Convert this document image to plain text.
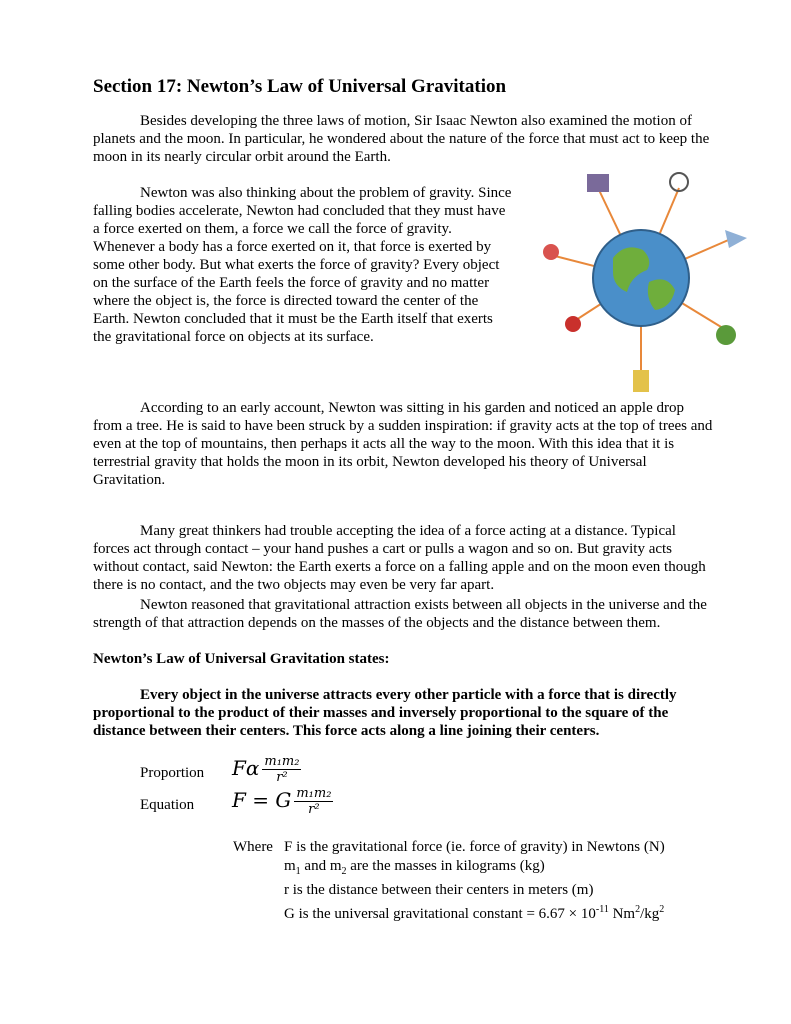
Section 17: Newton’s Law of Universal Gravitation

Besides developing the three laws of motion, Sir Isaac Newton also examined the motion of planets and the moon. In particular, he wondered about the nature of the force that must act to keep the moon in its nearly circular orbit around the Earth.

Newton was also thinking about the problem of gravity. Since falling bodies accelerate, Newton had concluded that they must have a force exerted on them, a force we call the force of gravity. Whenever a body has a force exerted on it, that force is exerted by some other body. But what exerts the force of gravity? Every object on the surface of the Earth feels the force of gravity and no matter where the object is, the force is directed toward the center of the Earth. Newton concluded that it must be the Earth itself that exerts the gravitational force on objects at its surface.

According to an early account, Newton was sitting in his garden and noticed an apple drop from a tree. He is said to have been struck by a sudden inspiration: if gravity acts at the top of trees and even at the top of mountains, then perhaps it acts all the way to the moon. With this idea that it is terrestrial gravity that holds the moon in its orbit, Newton developed his theory of Universal Gravitation.

Many great thinkers had trouble accepting the idea of a force acting at a distance. Typical forces act through contact – your hand pushes a cart or pulls a wagon and so on. But gravity acts without contact, said Newton: the Earth exerts a force on a falling apple and on the moon even though there is no contact, and the two objects may even be very far apart.

Newton reasoned that gravitational attraction exists between all objects in the universe and the strength of that attraction depends on the masses of the objects and the distance between them.

Newton’s Law of Universal Gravitation states:

Every object in the universe attracts every other particle with a force that is directly proportional to the product of their masses and inversely proportional to the square of the distance between their centers. This force acts along a line joining their centers.

Proportion Fα $\frac{\text{m₁m₂}}{\text{r²}}$
Equation F = G $\frac{\text{m₁m₂}}{\text{r²}}$
Where F is the gravitational force (ie. force of gravity) in Newtons (N)
$m_1$ and $m_2$ are the masses in kilograms (kg)
r is the distance between their centers in meters (m)
G is the universal gravitational constant = $6.67 \times 10^{-11}$ $Nm^2/kg^2$
